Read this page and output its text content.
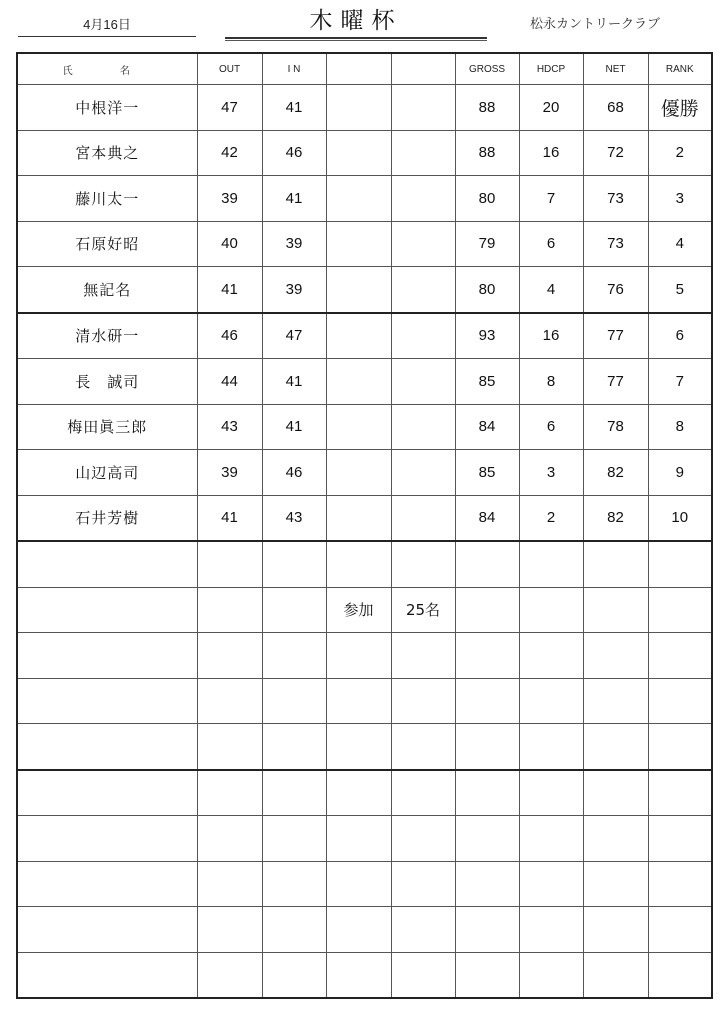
4月16日	木曜杯	松永カントリークラブ
氏 名	OUT	I N			GROSS	HDCP	NET	RANK
中根洋一	47	41			88	20	68	優勝
宮本典之	42	46			88	16	72	2
藤川太一	39	41			80	7	73	3
石原好昭	40	39			79	6	73	4
無記名	41	39			80	4	76	5
清水研一	46	47			93	16	77	6
長　誠司	44	41			85	8	77	7
梅田眞三郎	43	41			84	6	78	8
山辺高司	39	46			85	3	82	9
石井芳樹	41	43			84	2	82	10

			参加	25名				
